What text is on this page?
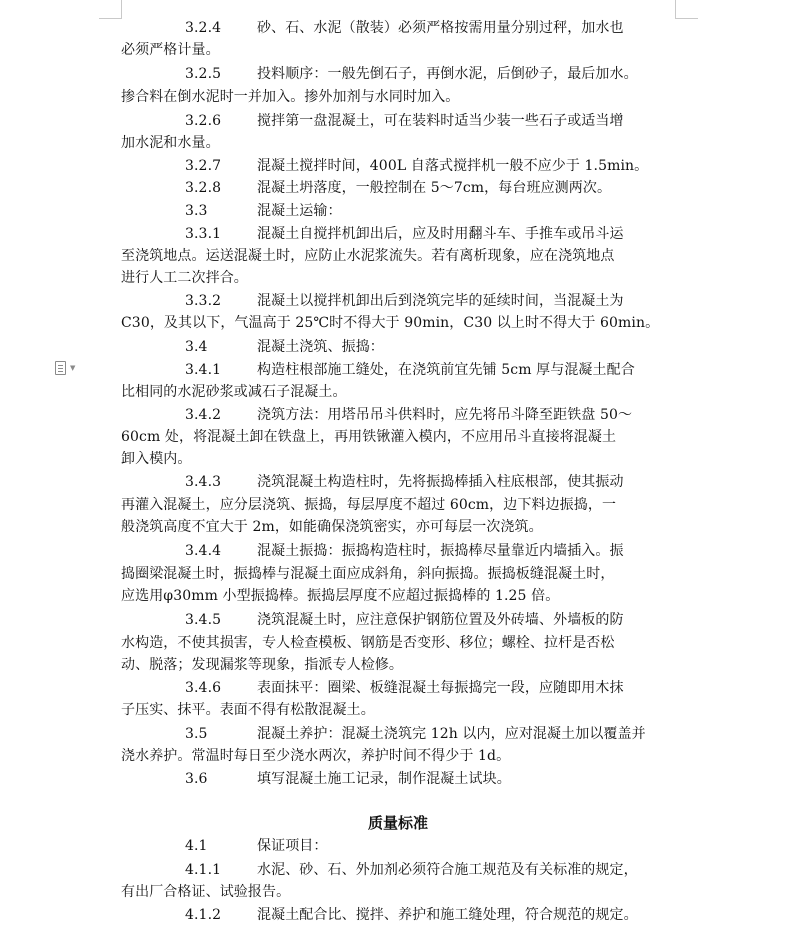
▼
3.2.4	砂、石、水泥（散装）必须严格按需用量分别过秤，加水也
必须严格计量。
3.2.5	投料顺序：一般先倒石子，再倒水泥，后倒砂子，最后加水。
掺合料在倒水泥时一并加入。掺外加剂与水同时加入。
3.2.6	搅拌第一盘混凝土，可在装料时适当少装一些石子或适当增
加水泥和水量。
3.2.7	混凝土搅拌时间，400L 自落式搅拌机一般不应少于 1.5min。
3.2.8	混凝土坍落度，一般控制在 5～7cm，每台班应测两次。
3.3	混凝土运输：
3.3.1	混凝土自搅拌机卸出后，应及时用翻斗车、手推车或吊斗运
至浇筑地点。运送混凝土时，应防止水泥浆流失。若有离析现象，应在浇筑地点
进行人工二次拌合。
3.3.2	混凝土以搅拌机卸出后到浇筑完毕的延续时间，当混凝土为
C30，及其以下，气温高于 25℃时不得大于 90min，C30 以上时不得大于 60min。
3.4	混凝土浇筑、振捣：
3.4.1	构造柱根部施工缝处，在浇筑前宜先铺 5cm 厚与混凝土配合
比相同的水泥砂浆或减石子混凝土。
3.4.2	浇筑方法：用塔吊吊斗供料时，应先将吊斗降至距铁盘 50～
60cm 处，将混凝土卸在铁盘上，再用铁锹灌入模内，不应用吊斗直接将混凝土
卸入模内。
3.4.3	浇筑混凝土构造柱时，先将振捣棒插入柱底根部，使其振动
再灌入混凝土，应分层浇筑、振捣，每层厚度不超过 60cm，边下料边振捣，一
般浇筑高度不宜大于 2m，如能确保浇筑密实，亦可每层一次浇筑。
3.4.4	混凝土振捣：振捣构造柱时，振捣棒尽量靠近内墙插入。振
捣圈梁混凝土时，振捣棒与混凝土面应成斜角，斜向振捣。振捣板缝混凝土时，
应选用φ30mm 小型振捣棒。振捣层厚度不应超过振捣棒的 1.25 倍。
3.4.5	浇筑混凝土时，应注意保护钢筋位置及外砖墙、外墙板的防
水构造，不使其损害，专人检查模板、钢筋是否变形、移位；螺栓、拉杆是否松
动、脱落；发现漏浆等现象，指派专人检修。
3.4.6	表面抹平：圈梁、板缝混凝土每振捣完一段，应随即用木抹
子压实、抹平。表面不得有松散混凝土。
3.5	混凝土养护：混凝土浇筑完 12h 以内，应对混凝土加以覆盖并
浇水养护。常温时每日至少浇水两次，养护时间不得少于 1d。
3.6	填写混凝土施工记录，制作混凝土试块。
质量标准
4.1	保证项目：
4.1.1	水泥、砂、石、外加剂必须符合施工规范及有关标准的规定，
有出厂合格证、试验报告。
4.1.2	混凝土配合比、搅拌、养护和施工缝处理，符合规范的规定。
